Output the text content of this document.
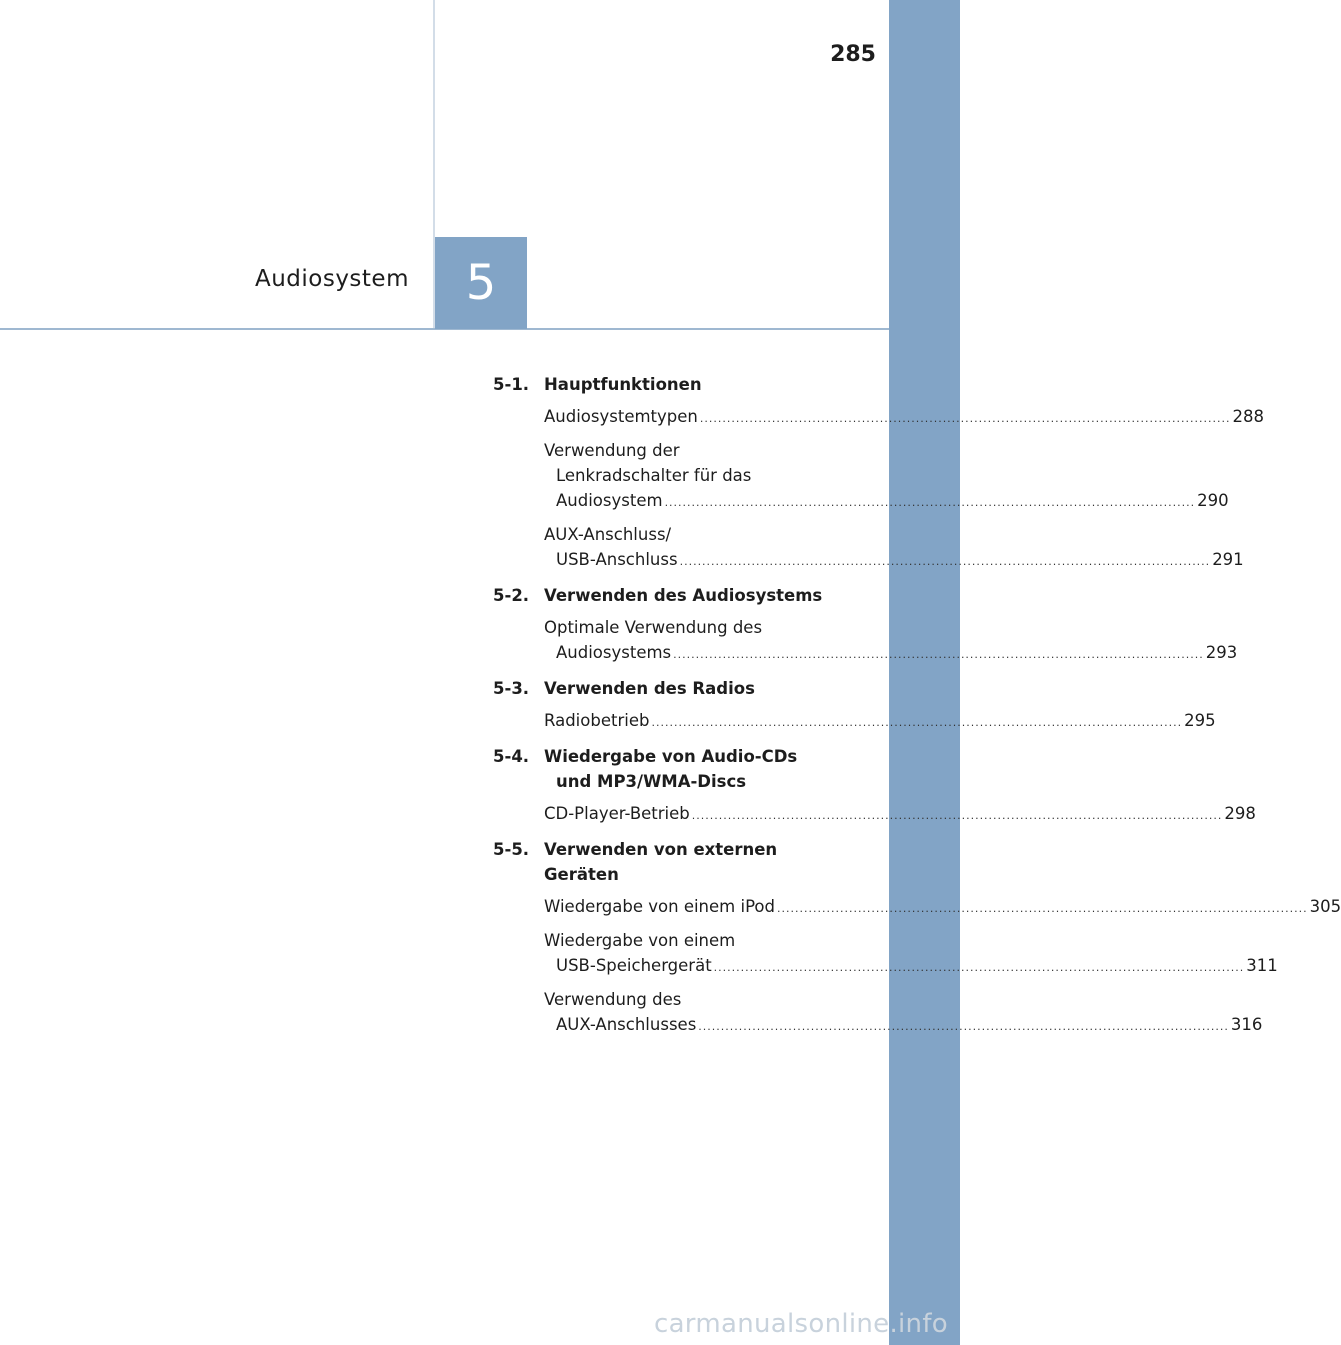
285
Audiosystem 5
5-1. Hauptfunktionen
Audiosystemtypen .....	288
Verwendung der
Lenkradschalter für das
Audiosystem .....	290
AUX-Anschluss/
USB-Anschluss .....	291
5-2. Verwenden des Audiosystems
Optimale Verwendung des
Audiosystems .....	293
5-3. Verwenden des Radios
Radiobetrieb .....	295
5-4. Wiedergabe von Audio-CDs
und MP3/WMA-Discs
CD-Player-Betrieb .....	298
5-5. Verwenden von externen Geräten
Wiedergabe von einem iPod .....	305
Wiedergabe von einem
USB-Speichergerät .....	311
Verwendung des
AUX-Anschlusses .....	316
carmanualsonline.info
